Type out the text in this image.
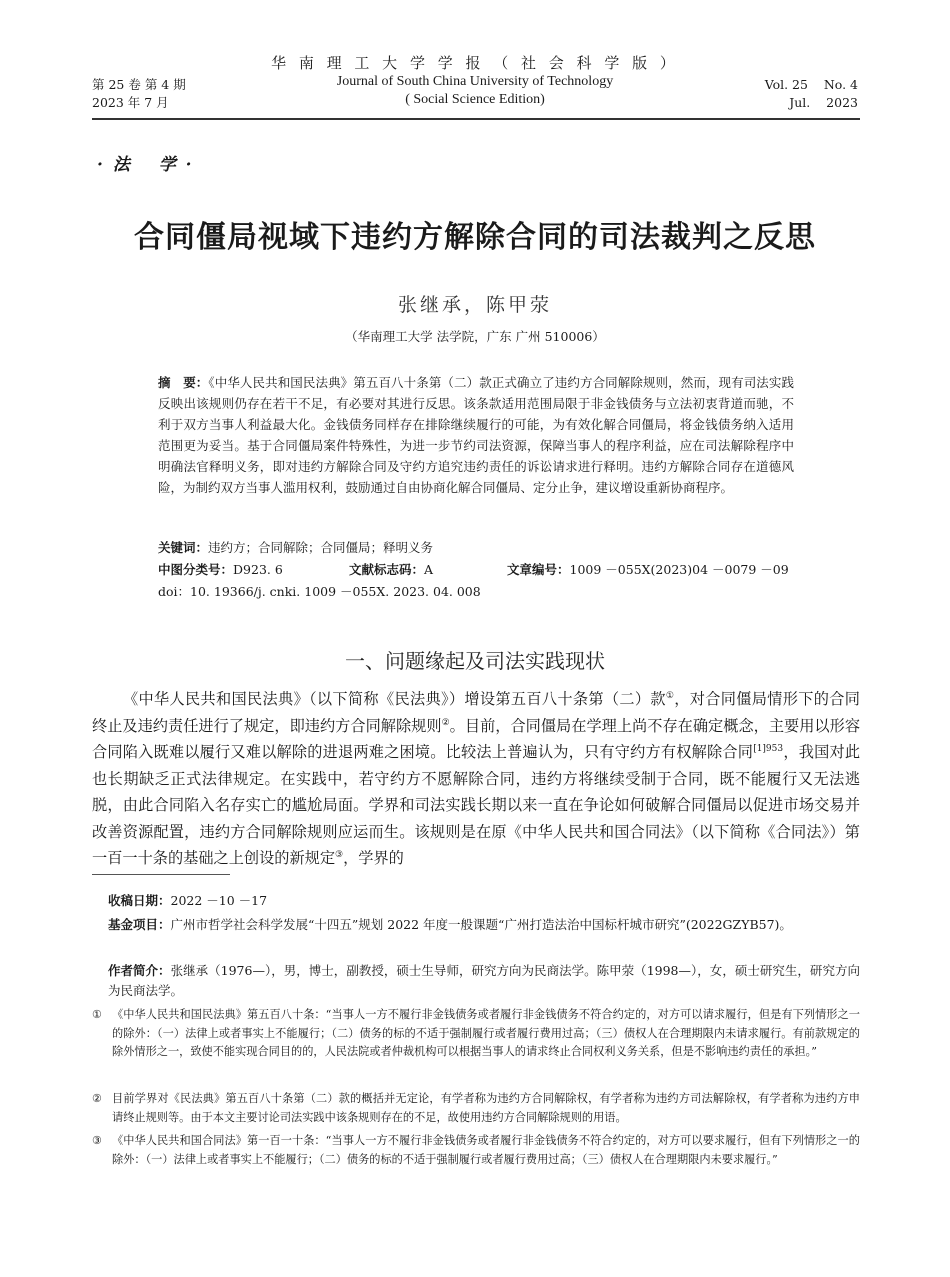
华 南 理 工 大 学 学 报 （ 社 会 科 学 版 ）
Journal of South China University of Technology
( Social Science Edition)
第 25 卷 第 4 期
2023 年 7 月
Vol. 25    No. 4
Jul.    2023
· 法　 学 ·
合同僵局视域下违约方解除合同的司法裁判之反思
张继承，陈甲荥
（华南理工大学 法学院，广东 广州 510006）
摘　要：《中华人民共和国民法典》第五百八十条第（二）款正式确立了违约方合同解除规则，然而，现有司法实践反映出该规则仍存在若干不足，有必要对其进行反思。该条款适用范围局限于非金钱债务与立法初衷背道而驰，不利于双方当事人利益最大化。金钱债务同样存在排除继续履行的可能，为有效化解合同僵局，将金钱债务纳入适用范围更为妥当。基于合同僵局案件特殊性，为进一步节约司法资源，保障当事人的程序利益，应在司法解除程序中明确法官释明义务，即对违约方解除合同及守约方追究违约责任的诉讼请求进行释明。违约方解除合同存在道德风险，为制约双方当事人滥用权利，鼓励通过自由协商化解合同僵局、定分止争，建议增设重新协商程序。
关键词：违约方；合同解除；合同僵局；释明义务
中图分类号：D923. 6	文献标志码：A	文章编号：1009 －055X(2023)04 －0079 －09
doi：10. 19366/j. cnki. 1009 －055X. 2023. 04. 008
一、问题缘起及司法实践现状
《中华人民共和国民法典》（以下简称《民法典》）增设第五百八十条第（二）款①，对合同僵局情形下的合同终止及违约责任进行了规定，即违约方合同解除规则②。目前，合同僵局在学理上尚不存在确定概念，主要用以形容合同陷入既难以履行又难以解除的进退两难之困境。比较法上普遍认为，只有守约方有权解除合同$^{[1]953}$，我国对此也长期缺乏正式法律规定。在实践中，若守约方不愿解除合同，违约方将继续受制于合同，既不能履行又无法逃脱，由此合同陷入名存实亡的尴尬局面。学界和司法实践长期以来一直在争论如何破解合同僵局以促进市场交易并改善资源配置，违约方合同解除规则应运而生。该规则是在原《中华人民共和国合同法》（以下简称《合同法》）第一百一十条的基础之上创设的新规定③，学界的
收稿日期：2022 －10 －17
基金项目：广州市哲学社会科学发展“十四五”规划 2022 年度一般课题“广州打造法治中国标杆城市研究”(2022GZYB57)。
作者简介：张继承（1976—），男，博士，副教授，硕士生导师，研究方向为民商法学。陈甲荥（1998—），女，硕士研究生，研究方向为民商法学。
① 《中华人民共和国民法典》第五百八十条：“当事人一方不履行非金钱债务或者履行非金钱债务不符合约定的，对方可以请求履行，但是有下列情形之一的除外：（一）法律上或者事实上不能履行；（二）债务的标的不适于强制履行或者履行费用过高；（三）债权人在合理期限内未请求履行。有前款规定的除外情形之一，致使不能实现合同目的的，人民法院或者仲裁机构可以根据当事人的请求终止合同权利义务关系，但是不影响违约责任的承担。”
② 目前学界对《民法典》第五百八十条第（二）款的概括并无定论，有学者称为违约方合同解除权，有学者称为违约方司法解除权，有学者称为违约方申请终止规则等。由于本文主要讨论司法实践中该条规则存在的不足，故使用违约方合同解除规则的用语。
③ 《中华人民共和国合同法》第一百一十条：“当事人一方不履行非金钱债务或者履行非金钱债务不符合约定的，对方可以要求履行，但有下列情形之一的除外：（一）法律上或者事实上不能履行；（二）债务的标的不适于强制履行或者履行费用过高；（三）债权人在合理期限内未要求履行。”
